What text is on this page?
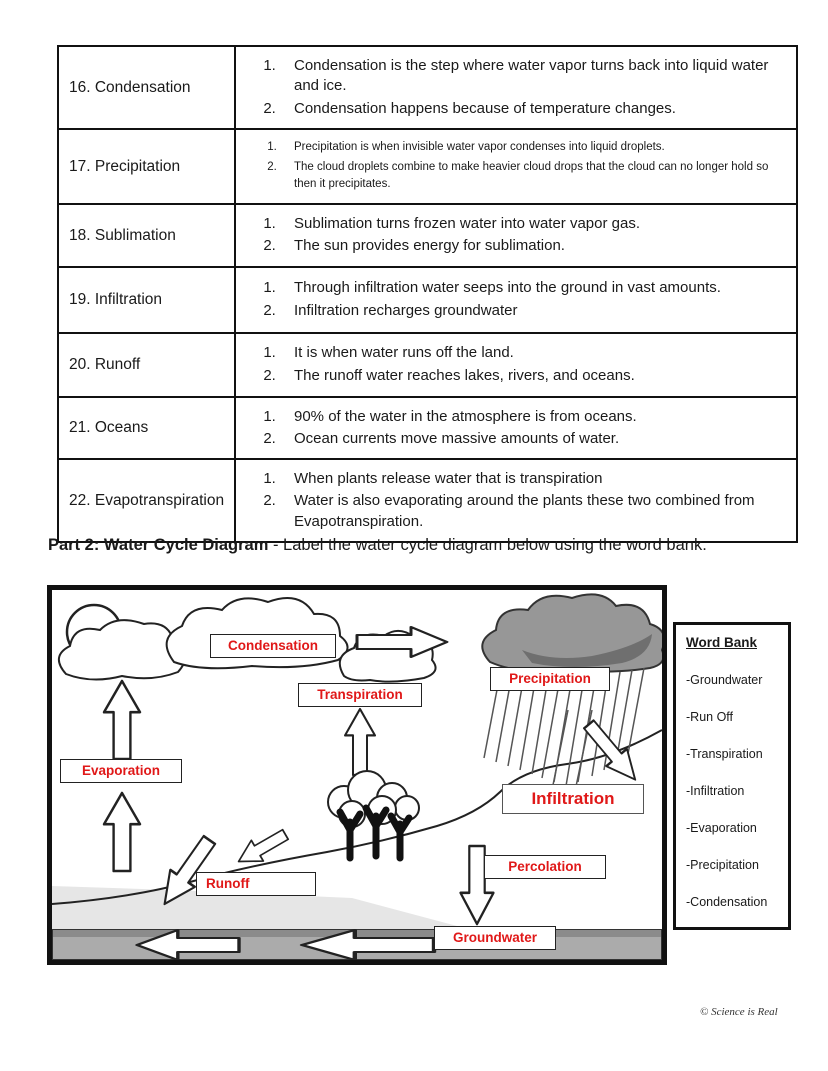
16. Condensation
1. Condensation is the step where water vapor turns back into liquid water and ice.
2. Condensation happens because of temperature changes.
17. Precipitation
1. Precipitation is when invisible water vapor condenses into liquid droplets.
2. The cloud droplets combine to make heavier cloud drops that the cloud can no longer hold so then it precipitates.
18. Sublimation
1. Sublimation turns frozen water into water vapor gas.
2. The sun provides energy for sublimation.
19. Infiltration
1. Through infiltration water seeps into the ground in vast amounts.
2. Infiltration recharges groundwater
20. Runoff
1. It is when water runs off the land.
2. The runoff water reaches lakes, rivers, and oceans.
21. Oceans
1. 90% of the water in the atmosphere is from oceans.
2. Ocean currents move massive amounts of water.
22. Evapotranspiration
1. When plants release water that is transpiration
2. Water is also evaporating around the plants these two combined from Evapotranspiration.
Part 2: Water Cycle Diagram - Label the water cycle diagram below using the word bank.
Condensation
Precipitation
Transpiration
Evaporation
Infiltration
Percolation
Runoff
Groundwater
Word Bank
-Groundwater
-Run Off
-Transpiration
-Infiltration
-Evaporation
-Precipitation
-Condensation
© Science is Real
